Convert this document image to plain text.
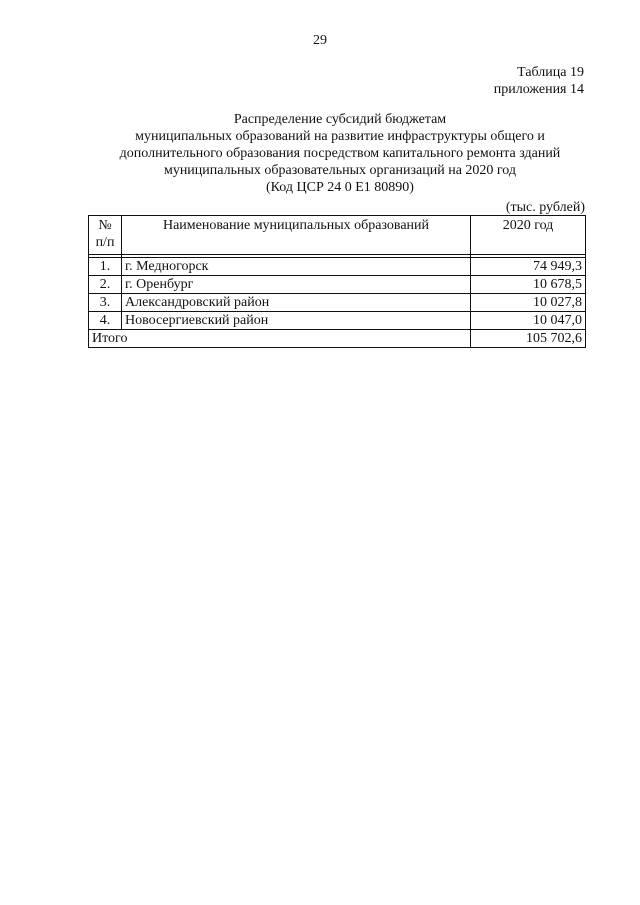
29
Таблица 19
приложения 14
Распределение субсидий бюджетам
муниципальных образований на развитие инфраструктуры общего и
дополнительного образования посредством капитального ремонта зданий
муниципальных образовательных организаций на 2020 год
(Код ЦСР 24 0 Е1 80890)
(тыс. рублей)
№
п/п	Наименование муниципальных образований	2020 год

1.	г. Медногорск	74 949,3
2.	г. Оренбург	10 678,5
3.	Александровский район	10 027,8
4.	Новосергиевский район	10 047,0
Итого		105 702,6
